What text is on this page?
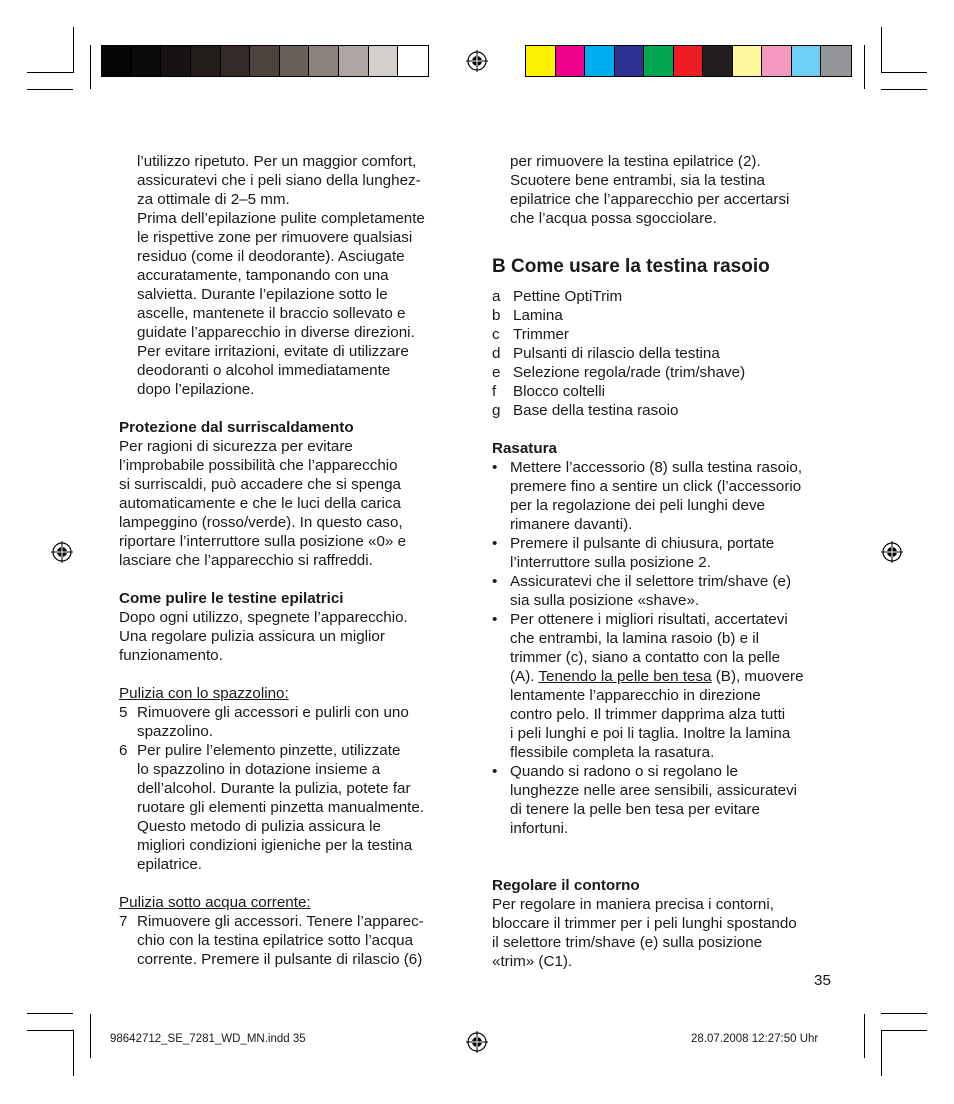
l’utilizzo ripetuto. Per un maggior comfort,

assicuratevi che i peli siano della lunghez-

za ottimale di 2–5 mm.

Prima dell’epilazione pulite completamente

le rispettive zone per rimuovere qualsiasi

residuo (come il deodorante). Asciugate

accuratamente, tamponando con una

salvietta. Durante l’epilazione sotto le

ascelle, mantenete il braccio sollevato e

guidate l’apparecchio in diverse direzioni.

Per evitare irritazioni, evitate di utilizzare

deodoranti o alcohol immediatamente

dopo l’epilazione.

Protezione dal surriscaldamento

Per ragioni di sicurezza per evitare

l’improbabile possibilità che l’apparecchio

si surriscaldi, può accadere che si spenga

automaticamente e che le luci della carica

lampeggino (rosso/verde). In questo caso,

riportare l’interruttore sulla posizione «0» e

lasciare che l’apparecchio si raffreddi.

Come pulire le testine epilatrici

Dopo ogni utilizzo, spegnete l’apparecchio.

Una regolare pulizia assicura un miglior

funzionamento.

Pulizia con lo spazzolino:

5 Rimuovere gli accessori e pulirli con uno

spazzolino.

6 Per pulire l’elemento pinzette, utilizzate

lo spazzolino in dotazione insieme a

dell’alcohol. Durante la pulizia, potete far

ruotare gli elementi pinzetta manualmente.

Questo metodo di pulizia assicura le

migliori condizioni igieniche per la testina

epilatrice.

Pulizia sotto acqua corrente:

7 Rimuovere gli accessori. Tenere l’apparec-

chio con la testina epilatrice sotto l’acqua

corrente. Premere il pulsante di rilascio (6)

per rimuovere la testina epilatrice (2).

Scuotere bene entrambi, sia la testina

epilatrice che l’apparecchio per accertarsi

che l’acqua possa sgocciolare.

B Come usare la testina rasoio

a Pettine OptiTrim

b Lamina

c Trimmer

d Pulsanti di rilascio della testina

e Selezione regola/rade (trim/shave)

f Blocco coltelli

g Base della testina rasoio

Rasatura

• Mettere l’accessorio (8) sulla testina rasoio,

premere fino a sentire un click (l’accessorio

per la regolazione dei peli lunghi deve

rimanere davanti).

• Premere il pulsante di chiusura, portate

l’interruttore sulla posizione 2.

• Assicuratevi che il selettore trim/shave (e)

sia sulla posizione «shave».

• Per ottenere i migliori risultati, accertatevi

che entrambi, la lamina rasoio (b) e il

trimmer (c), siano a contatto con la pelle

(A). Tenendo la pelle ben tesa (B), muovere

lentamente l’apparecchio in direzione

contro pelo. Il trimmer dapprima alza tutti

i peli lunghi e poi li taglia. Inoltre la lamina

flessibile completa la rasatura.

• Quando si radono o si regolano le

lunghezze nelle aree sensibili, assicuratevi

di tenere la pelle ben tesa per evitare

infortuni.

Regolare il contorno

Per regolare in maniera precisa i contorni,

bloccare il trimmer per i peli lunghi spostando

il selettore trim/shave (e) sulla posizione

«trim» (C1).

35
98642712_SE_7281_WD_MN.indd 35	28.07.2008 12:27:50 Uhr
